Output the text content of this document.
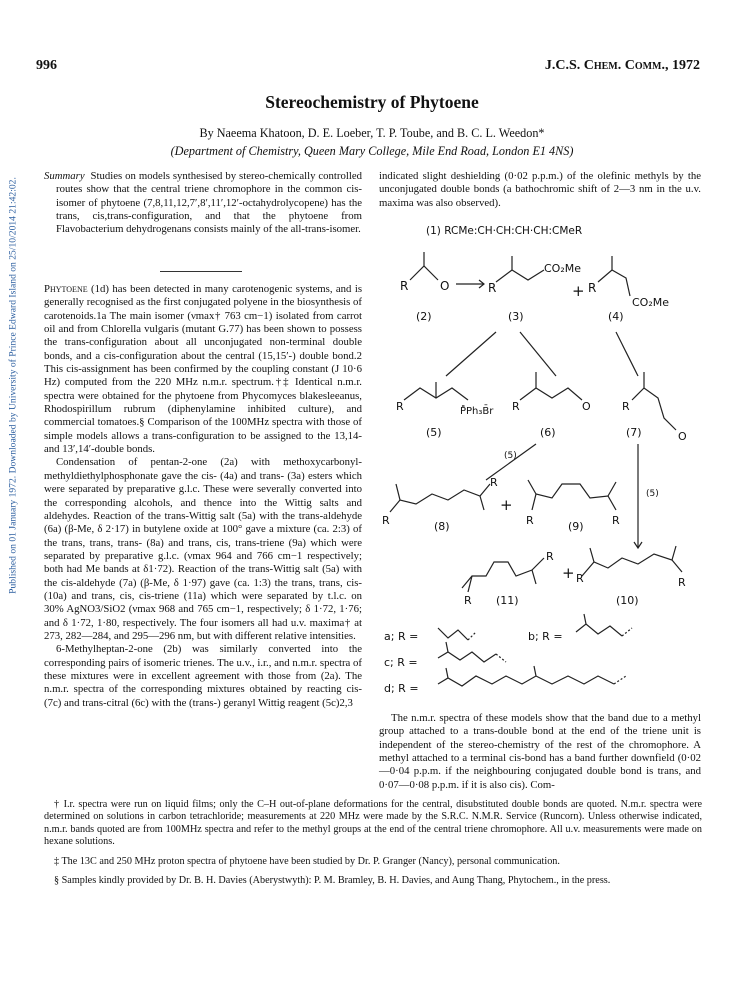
996	J.C.S. Chem. Comm., 1972
Published on 01 January 1972. Downloaded by University of Prince Edward Island on 25/10/2014 21:42:02.
Stereochemistry of Phytoene
By Naeema Khatoon, D. E. Loeber, T. P. Toube, and B. C. L. Weedon*
(Department of Chemistry, Queen Mary College, Mile End Road, London E1 4NS)

Summary Studies on models synthesised by stereo-chemically controlled routes show that the central triene chromophore in the common cis-isomer of phytoene (7,8,11,12,7′,8′,11′,12′-octahydrolycopene) has the trans, cis,trans-configuration, and that the phytoene from Flavobacterium dehydrogenans consists mainly of the all-trans-isomer.

Phytoene (1d) has been detected in many carotenogenic systems, and is generally recognised as the first conjugated polyene in the biosynthesis of carotenoids.1a The main isomer (νmax† 763 cm−1) isolated from carrot oil and from Chlorella vulgaris (mutant G.77) has been shown to possess the trans-configuration about all unconjugated non-terminal double bonds, and a cis-configuration about the central (15,15′-) double bond.2 This cis-assignment has been confirmed by the coupling constant (J 10·6 Hz) computed from the 220 MHz n.m.r. spectrum.†‡ Identical n.m.r. spectra were obtained for the phytoene from Phycomyces blakesleeanus, Rhodospirillum rubrum (diphenylamine inhibited culture), and commercial tomatoes.§ Comparison of the 100MHz spectra with those of simple models allows a trans-configuration to be assigned to the 13,14- and 13′,14′-double bonds.

Condensation of pentan-2-one (2a) with methoxycarbonyl-methyldiethylphosphonate gave the cis- (4a) and trans- (3a) esters which were separated by preparative g.l.c. These were severally converted into the corresponding alcohols, and thence into the Wittig salts and aldehydes. Reaction of the trans-Wittig salt (5a) with the trans-aldehyde (6a) (β-Me, δ 2·17) in butylene oxide at 100° gave a mixture (ca. 2:3) of the trans, trans, trans- (8a) and trans, cis, trans-triene (9a) which were separated by preparative g.l.c. (νmax 964 and 766 cm−1 respectively; both had Me bands at δ1·72). Reaction of the trans-Wittig salt (5a) with the cis-aldehyde (7a) (β-Me, δ 1·97) gave (ca. 1:3) the trans, trans, cis- (10a) and trans, cis, cis-triene (11a) which were separated by t.l.c. on 30% AgNO3/SiO2 (νmax 968 and 765 cm−1, respectively; δ 1·72, 1·76; and δ 1·72, 1·80, respectively. The four isomers all had u.v. maxima† at 273, 282—284, and 295—296 nm, but with different relative intensities.

6-Methylheptan-2-one (2b) was similarly converted into the corresponding pairs of isomeric trienes. The u.v., i.r., and n.m.r. spectra of these mixtures were in excellent agreement with those from (2a). The n.m.r. spectra of the corresponding mixtures obtained by reacting cis- (7c) and trans-citral (6c) with the (trans-) geranyl Wittig reagent (5c)2,3

indicated slight deshielding (0·02 p.p.m.) of the olefinic methyls by the unconjugated double bonds (a bathochromic shift of 2—3 nm in the u.v. maxima was also observed).
(1) RCMe:CH·CH:CH·CH:CMeR
R	O	R
CO₂Me
+ R
CO₂Me
(2)	(3)	(4)
R	P̊Ph₃B̄r R	O	R
O
(5)	(6)	(7)
(5)
(5)
R
R
+
R	R
(8)	(9)
R
R
+ R	R
(11)	(10)
a; R =	b; R =
c; R =
d; R =

The n.m.r. spectra of these models show that the band due to a methyl group attached to a trans-double bond at the end of the triene unit is independent of the stereo-chemistry of the rest of the chromophore. A methyl attached to a terminal cis-bond has a band further downfield (0·02—0·04 p.p.m. if the neighbouring conjugated double bond is trans, and 0·07—0·08 p.p.m. if it is also cis). Com-

† I.r. spectra were run on liquid films; only the C–H out-of-plane deformations for the central, disubstituted double bonds are quoted. N.m.r. spectra were determined on solutions in carbon tetrachloride; measurements at 220 MHz were made by the S.R.C. N.M.R. Service (Runcorn). Unless otherwise indicated, n.m.r. bands quoted are from 100MHz spectra and refer to the methyl groups at the end of the central triene chromophore. All u.v. measurements were made on hexane solutions.

‡ The 13C and 250 MHz proton spectra of phytoene have been studied by Dr. P. Granger (Nancy), personal communication.

§ Samples kindly provided by Dr. B. H. Davies (Aberystwyth): P. M. Bramley, B. H. Davies, and Aung Thang, Phytochem., in the press.
